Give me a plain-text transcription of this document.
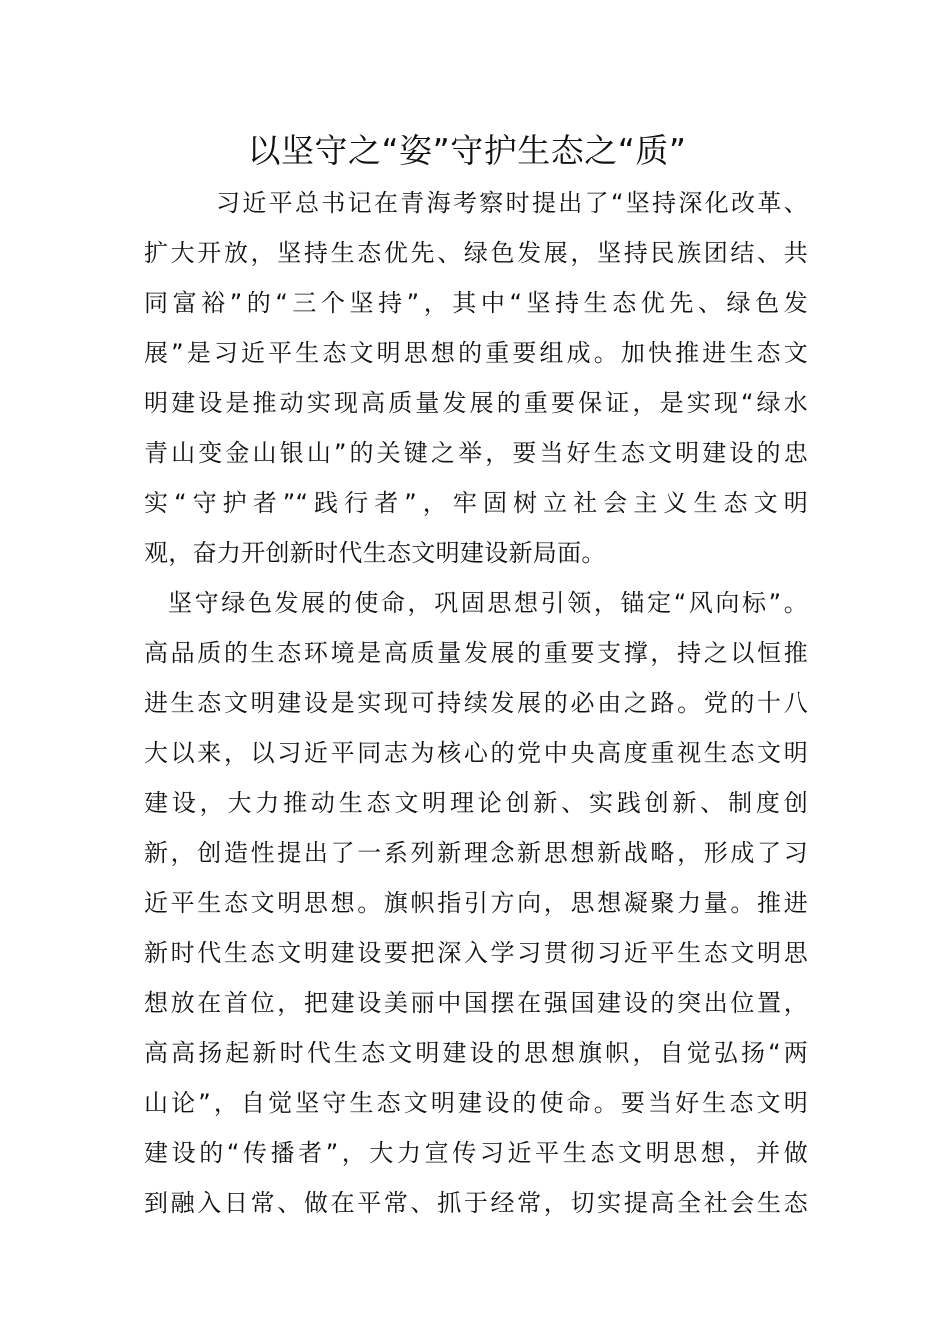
以坚守之“姿”守护生态之“质”

习近平总书记在青海考察时提出了“坚持深化改革、
扩大开放，坚持生态优先、绿色发展，坚持民族团结、共
同富裕”的“三个坚持”，其中“坚持生态优先、绿色发
展”是习近平生态文明思想的重要组成。加快推进生态文
明建设是推动实现高质量发展的重要保证，是实现“绿水
青山变金山银山”的关键之举，要当好生态文明建设的忠
实“守护者”“践行者”，牢固树立社会主义生态文明
观，奋力开创新时代生态文明建设新局面。

坚守绿色发展的使命，巩固思想引领，锚定“风向标”。
高品质的生态环境是高质量发展的重要支撑，持之以恒推
进生态文明建设是实现可持续发展的必由之路。党的十八
大以来，以习近平同志为核心的党中央高度重视生态文明
建设，大力推动生态文明理论创新、实践创新、制度创
新，创造性提出了一系列新理念新思想新战略，形成了习
近平生态文明思想。旗帜指引方向，思想凝聚力量。推进
新时代生态文明建设要把深入学习贯彻习近平生态文明思
想放在首位，把建设美丽中国摆在强国建设的突出位置，
高高扬起新时代生态文明建设的思想旗帜，自觉弘扬“两
山论”，自觉坚守生态文明建设的使命。要当好生态文明
建设的“传播者”，大力宣传习近平生态文明思想，并做
到融入日常、做在平常、抓于经常，切实提高全社会生态
